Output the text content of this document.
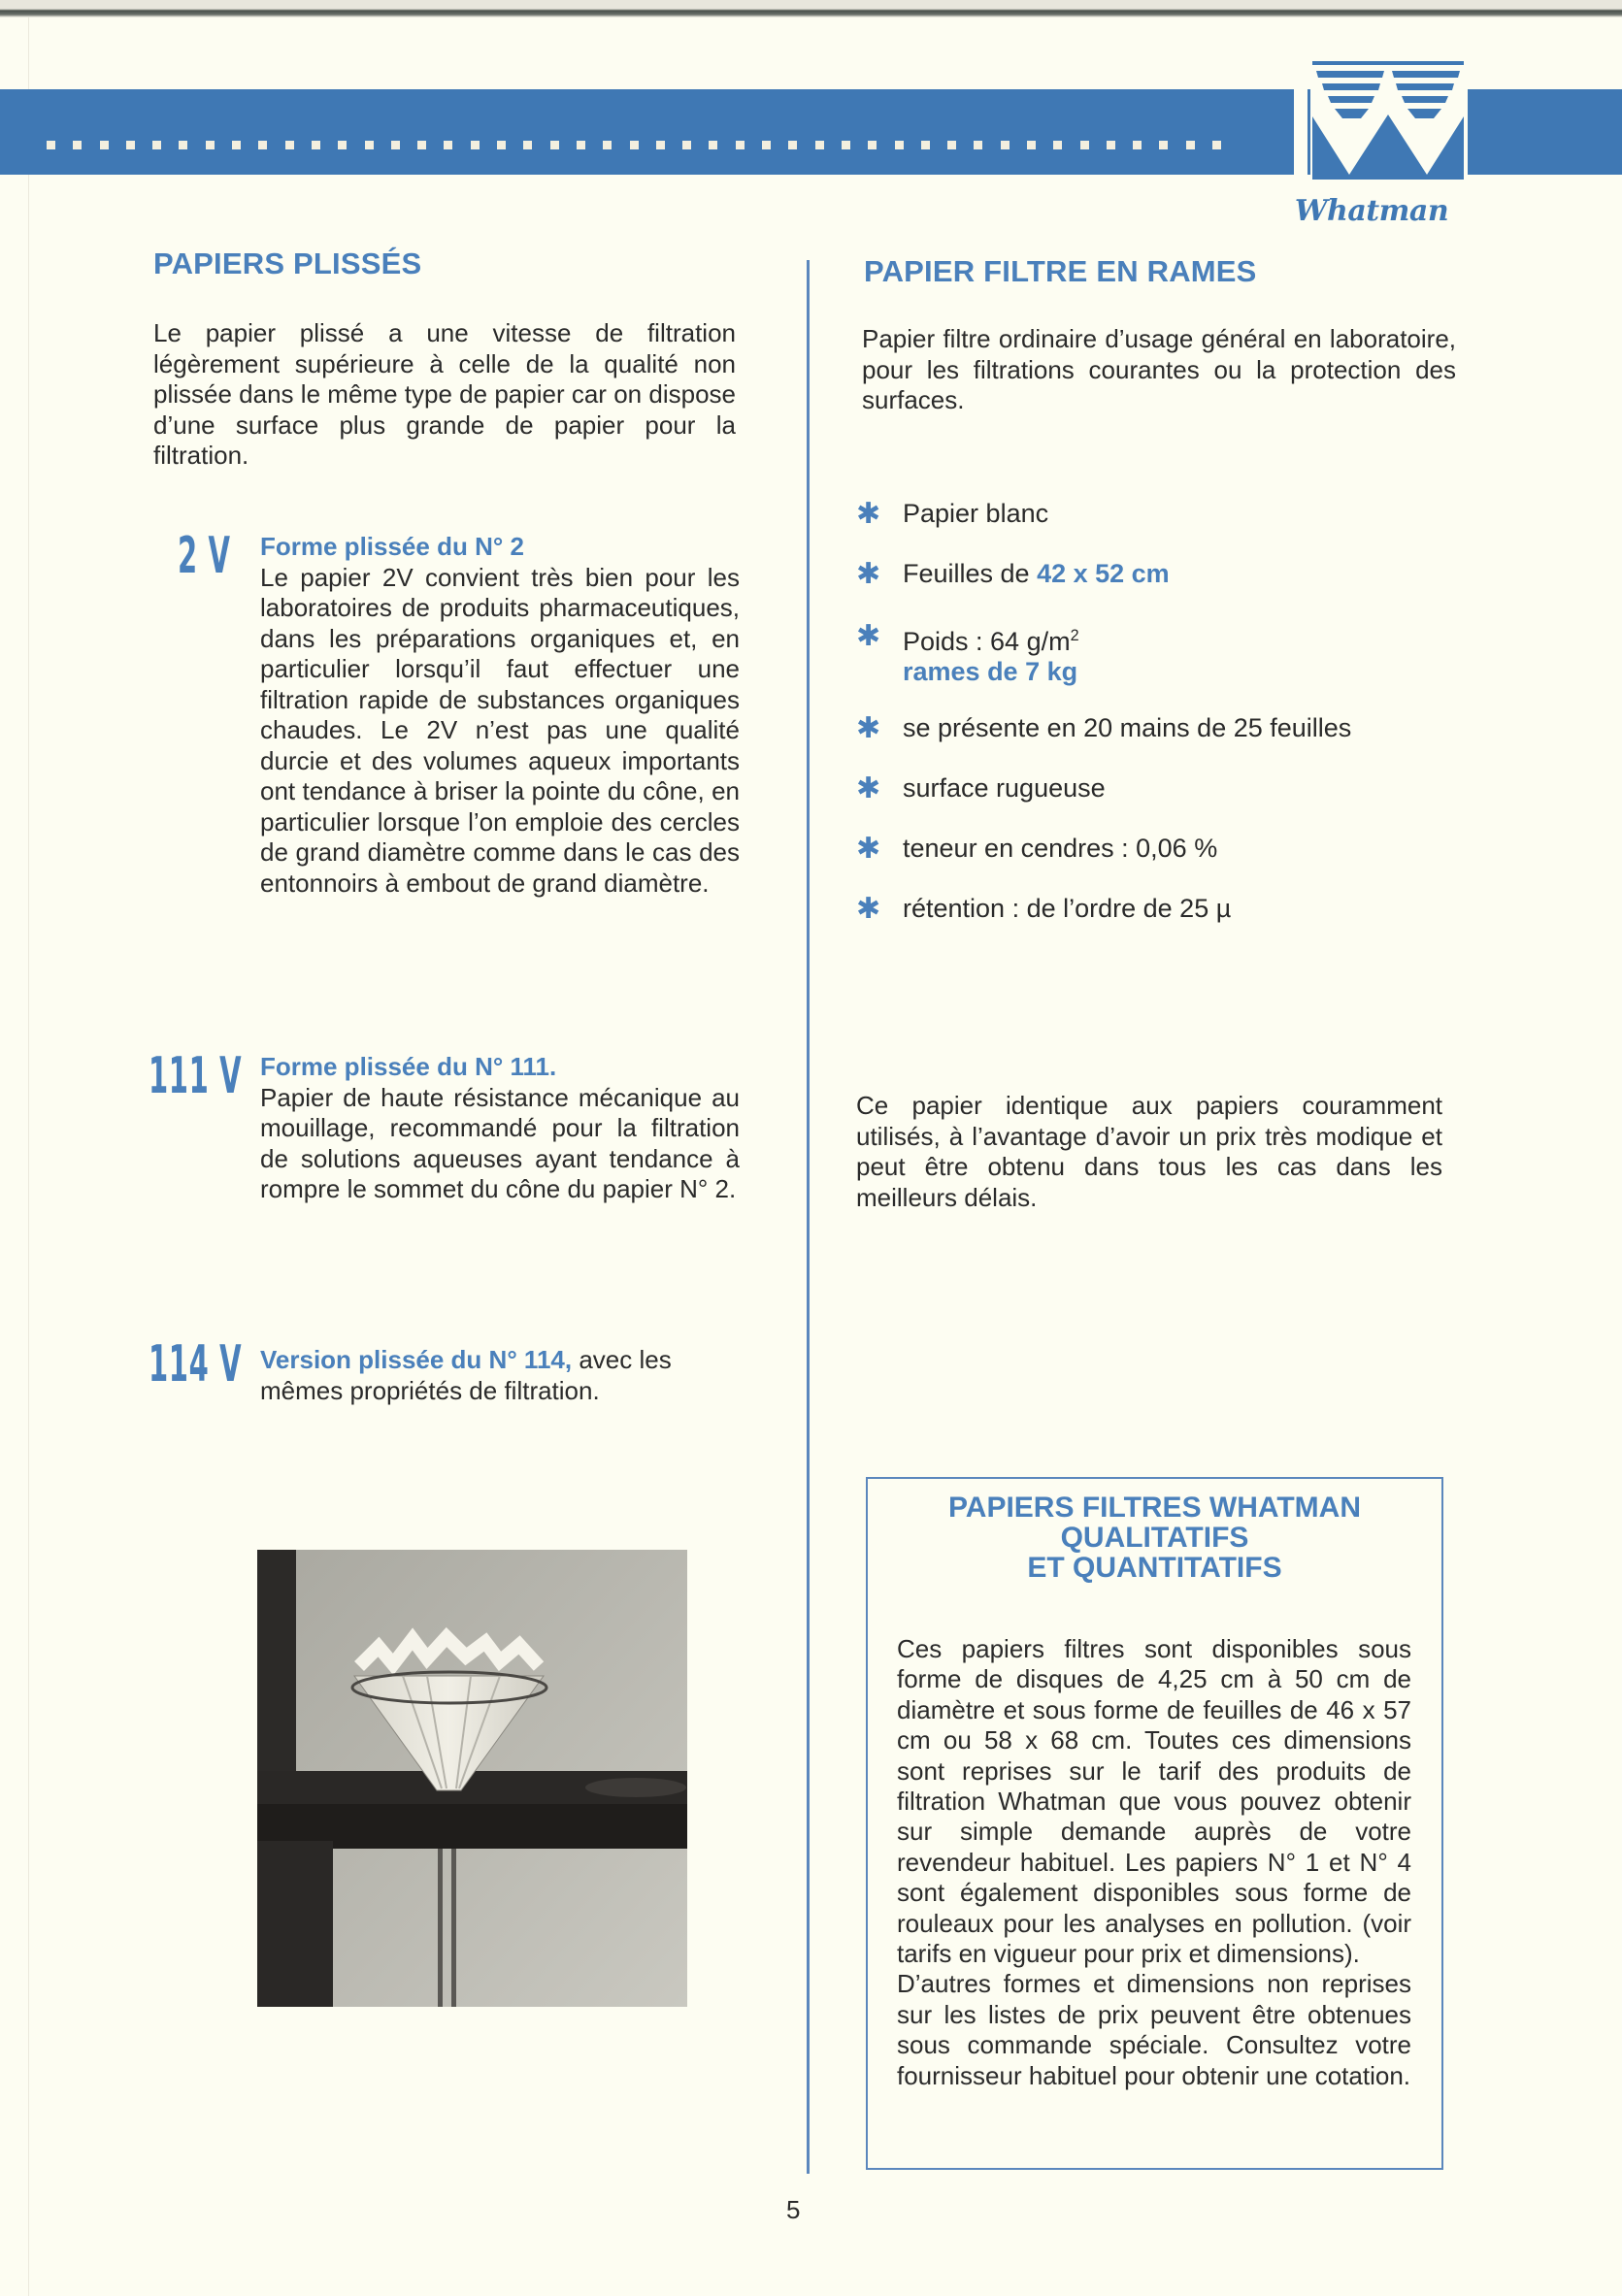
Whatman
PAPIERS PLISSÉS
Le papier plissé a une vitesse de filtration légèrement supérieure à celle de la qualité non plissée dans le même type de papier car on dispose d’une surface plus grande de papier pour la filtration.
2 V Forme plissée du N° 2
Le papier 2V convient très bien pour les laboratoires de produits pharmaceutiques, dans les préparations organiques et, en particulier lorsqu’il faut effectuer une filtration rapide de substances organiques chaudes. Le 2V n’est pas une qualité durcie et des volumes aqueux importants ont tendance à briser la pointe du cône, en particulier lorsque l’on emploie des cercles de grand diamètre comme dans le cas des entonnoirs à embout de grand diamètre.
111 V Forme plissée du N° 111.
Papier de haute résistance mécanique au mouillage, recommandé pour la filtration de solutions aqueuses ayant tendance à rompre le sommet du cône du papier N° 2.
114 V Version plissée du N° 114, avec les mêmes propriétés de filtration.
PAPIER FILTRE EN RAMES
Papier filtre ordinaire d’usage général en laboratoire, pour les filtrations courantes ou la protection des surfaces.
✱ Papier blanc
✱ Feuilles de 42 x 52 cm
✱ Poids : 64 $g/m^2$
rames de 7 kg
✱ se présente en 20 mains de 25 feuilles
✱ surface rugueuse
✱ teneur en cendres : 0,06 %
✱ rétention : de l’ordre de 25 µ
Ce papier identique aux papiers couramment utilisés, à l’avantage d’avoir un prix très modique et peut être obtenu dans tous les cas dans les meilleurs délais.
PAPIERS FILTRES WHATMAN
QUALITATIFS
ET QUANTITATIFS
Ces papiers filtres sont disponibles sous forme de disques de 4,25 cm à 50 cm de diamètre et sous forme de feuilles de 46 x 57 cm ou 58 x 68 cm. Toutes ces dimensions sont reprises sur le tarif des produits de filtration Whatman que vous pouvez obtenir sur simple demande auprès de votre revendeur habituel. Les papiers N° 1 et N° 4 sont également disponibles sous forme de rouleaux pour les analyses en pollution. (voir tarifs en vigueur pour prix et dimensions).
D’autres formes et dimensions non reprises sur les listes de prix peuvent être obtenues sous commande spéciale. Consultez votre fournisseur habituel pour obtenir une cotation.
5
